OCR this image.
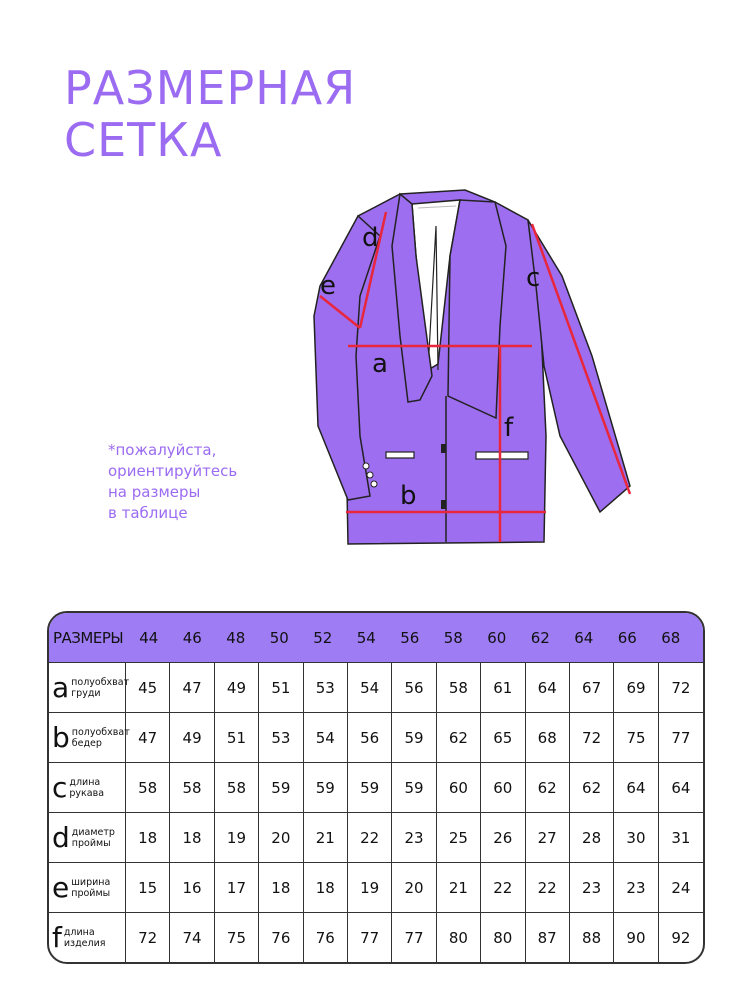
РАЗМЕРНАЯ
СЕТКА
a
b
c
d
e
f

*пожалуйста,
ориентируйтесь
на размеры
в таблице

РАЗМЕРЫ	44	46	48	50	52	54	56	58	60	62	64	66	68
a полуобхват
груди	45	47	49	51	53	54	56	58	61	64	67	69	72
b полуобхват
бедер	47	49	51	53	54	56	59	62	65	68	72	75	77
c длина
рукава	58	58	58	59	59	59	59	60	60	62	62	64	64
d диаметр
проймы	18	18	19	20	21	22	23	25	26	27	28	30	31
e ширина
проймы	15	16	17	18	18	19	20	21	22	22	23	23	24
f длина
изделия	72	74	75	76	76	77	77	80	80	87	88	90	92
